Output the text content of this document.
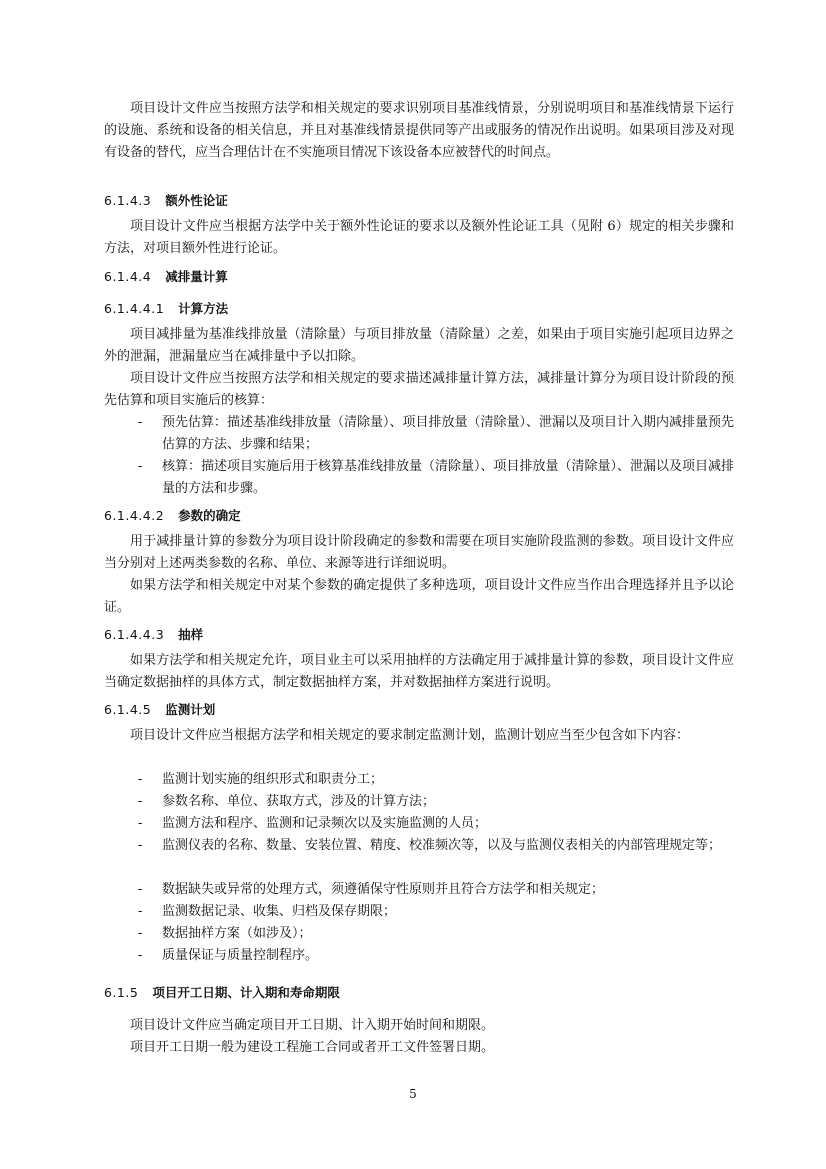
项目设计文件应当按照方法学和相关规定的要求识别项目基准线情景，分别说明项目和基准线情景下运行的设施、系统和设备的相关信息，并且对基准线情景提供同等产出或服务的情况作出说明。如果项目涉及对现有设备的替代，应当合理估计在不实施项目情况下该设备本应被替代的时间点。

6.1.4.3 额外性论证

项目设计文件应当根据方法学中关于额外性论证的要求以及额外性论证工具（见附 6）规定的相关步骤和方法，对项目额外性进行论证。

6.1.4.4 减排量计算
6.1.4.4.1 计算方法

项目减排量为基准线排放量（清除量）与项目排放量（清除量）之差，如果由于项目实施引起项目边界之外的泄漏，泄漏量应当在减排量中予以扣除。

项目设计文件应当按照方法学和相关规定的要求描述减排量计算方法，减排量计算分为项目设计阶段的预先估算和项目实施后的核算：

- 预先估算：描述基准线排放量（清除量）、项目排放量（清除量）、泄漏以及项目计入期内减排量预先估算的方法、步骤和结果；

- 核算：描述项目实施后用于核算基准线排放量（清除量）、项目排放量（清除量）、泄漏以及项目减排量的方法和步骤。

6.1.4.4.2 参数的确定

用于减排量计算的参数分为项目设计阶段确定的参数和需要在项目实施阶段监测的参数。项目设计文件应当分别对上述两类参数的名称、单位、来源等进行详细说明。

如果方法学和相关规定中对某个参数的确定提供了多种选项，项目设计文件应当作出合理选择并且予以论证。

6.1.4.4.3 抽样

如果方法学和相关规定允许，项目业主可以采用抽样的方法确定用于减排量计算的参数，项目设计文件应当确定数据抽样的具体方式，制定数据抽样方案，并对数据抽样方案进行说明。

6.1.4.5 监测计划

项目设计文件应当根据方法学和相关规定的要求制定监测计划，监测计划应当至少包含如下内容：

- 监测计划实施的组织形式和职责分工；

- 参数名称、单位、获取方式，涉及的计算方法；

- 监测方法和程序、监测和记录频次以及实施监测的人员；

- 监测仪表的名称、数量、安装位置、精度、校准频次等，以及与监测仪表相关的内部管理规定等；

- 数据缺失或异常的处理方式，须遵循保守性原则并且符合方法学和相关规定；

- 监测数据记录、收集、归档及保存期限；

- 数据抽样方案（如涉及）；

- 质量保证与质量控制程序。

6.1.5 项目开工日期、计入期和寿命期限

项目设计文件应当确定项目开工日期、计入期开始时间和期限。

项目开工日期一般为建设工程施工合同或者开工文件签署日期。

5
